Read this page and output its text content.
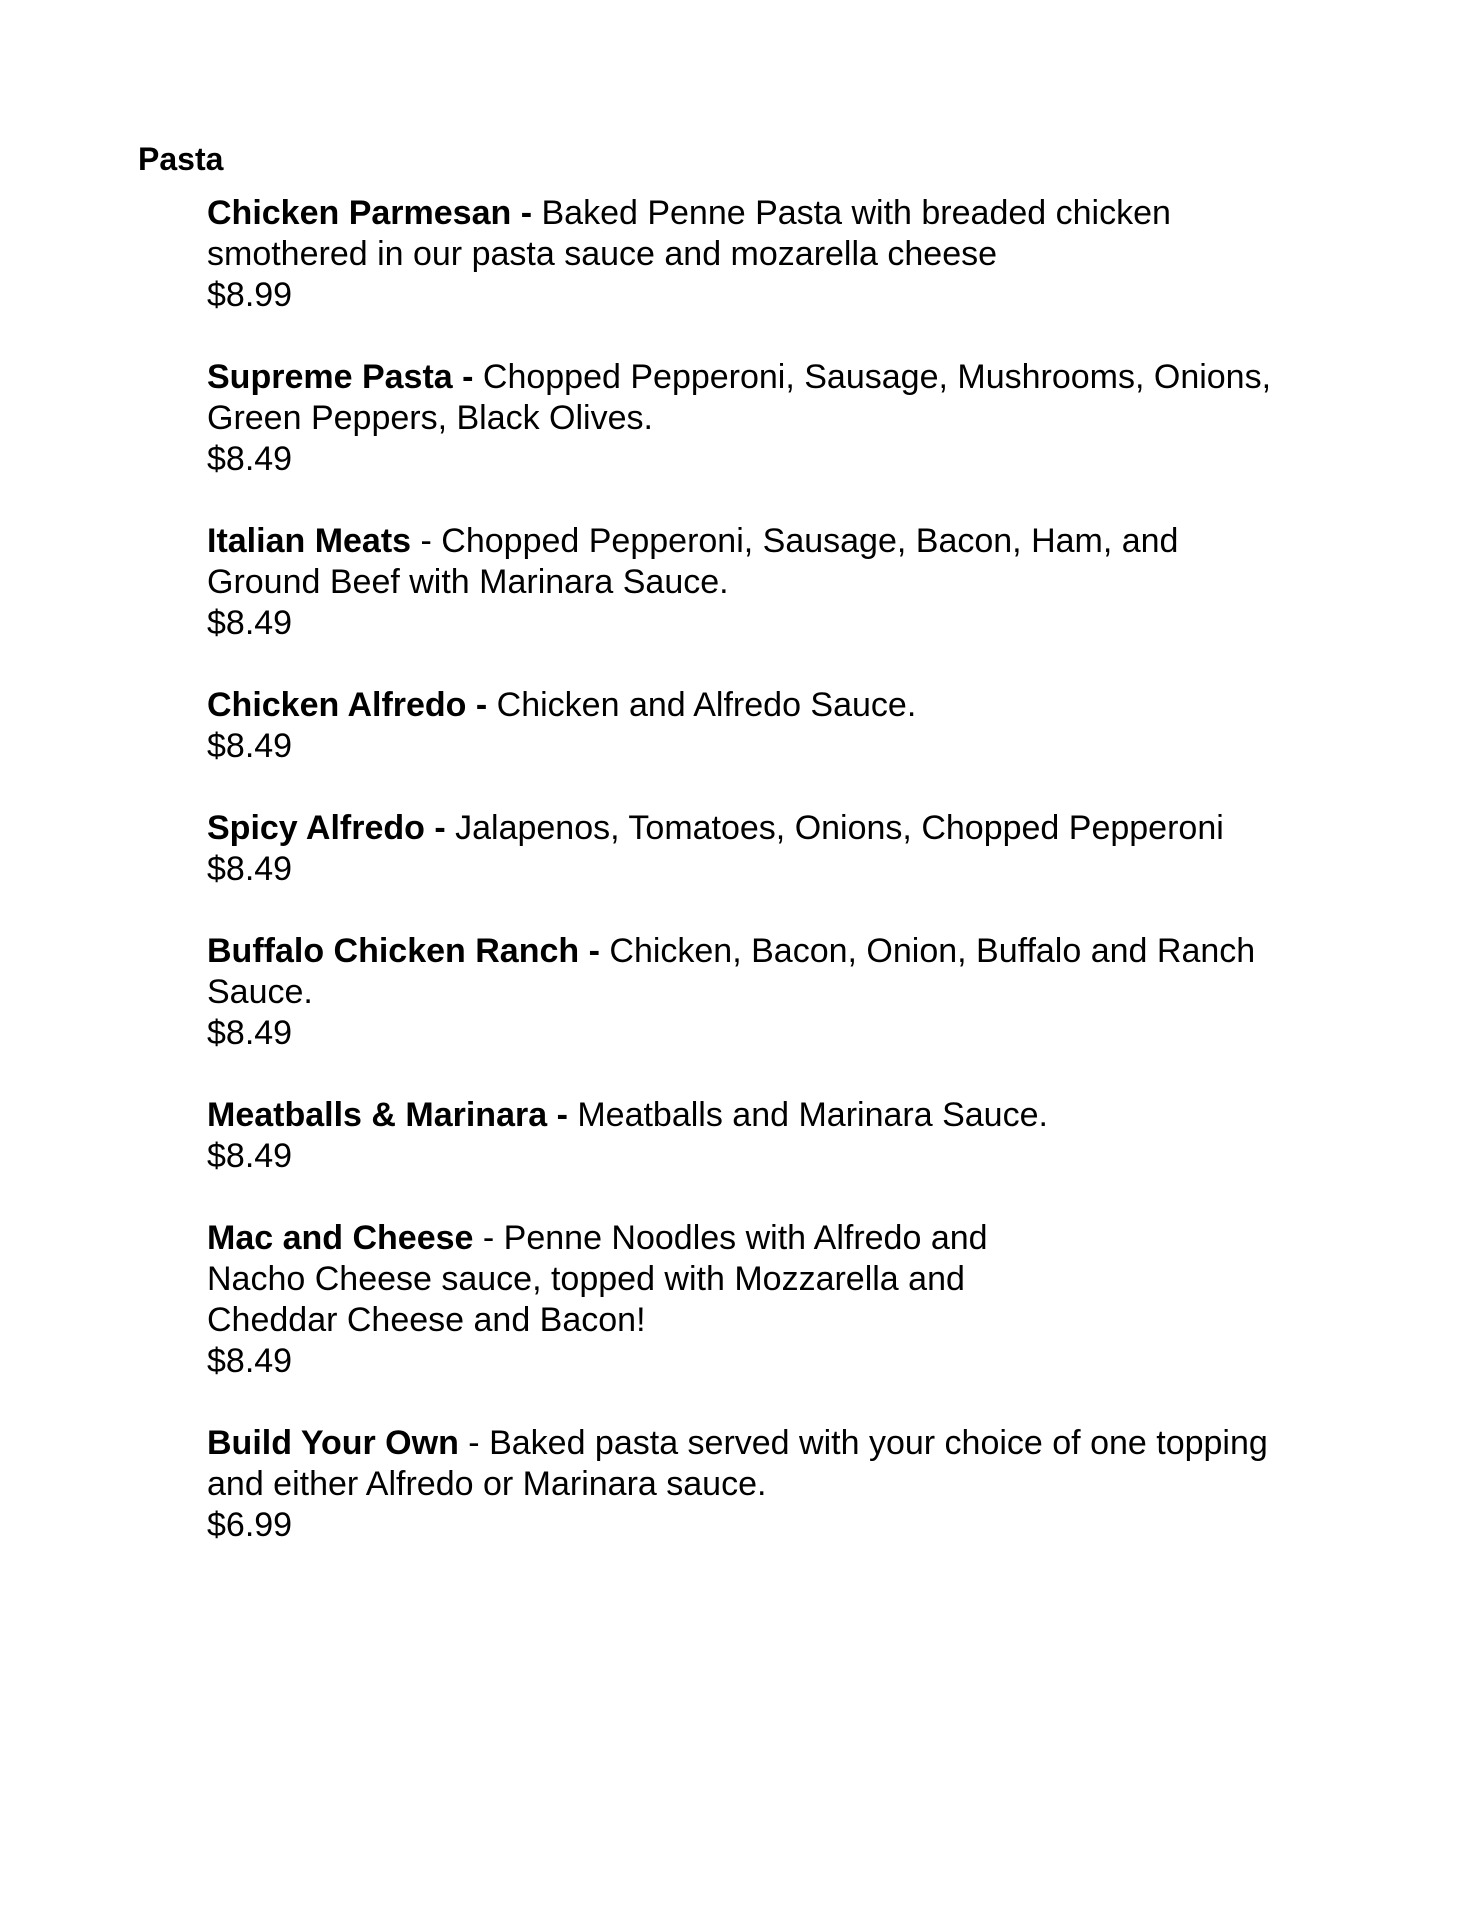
Pasta
Chicken Parmesan - Baked Penne Pasta with breaded chicken
smothered in our pasta sauce and mozarella cheese
$8.99
Supreme Pasta - Chopped Pepperoni, Sausage, Mushrooms, Onions,
Green Peppers, Black Olives.
$8.49
Italian Meats - Chopped Pepperoni, Sausage, Bacon, Ham, and
Ground Beef with Marinara Sauce.
$8.49
Chicken Alfredo - Chicken and Alfredo Sauce.
$8.49
Spicy Alfredo - Jalapenos, Tomatoes, Onions, Chopped Pepperoni
$8.49
Buffalo Chicken Ranch - Chicken, Bacon, Onion, Buffalo and Ranch
Sauce.
$8.49
Meatballs & Marinara - Meatballs and Marinara Sauce.
$8.49
Mac and Cheese - Penne Noodles with Alfredo and
Nacho Cheese sauce, topped with Mozzarella and
Cheddar Cheese and Bacon!
$8.49
Build Your Own - Baked pasta served with your choice of one topping
and either Alfredo or Marinara sauce.
$6.99
